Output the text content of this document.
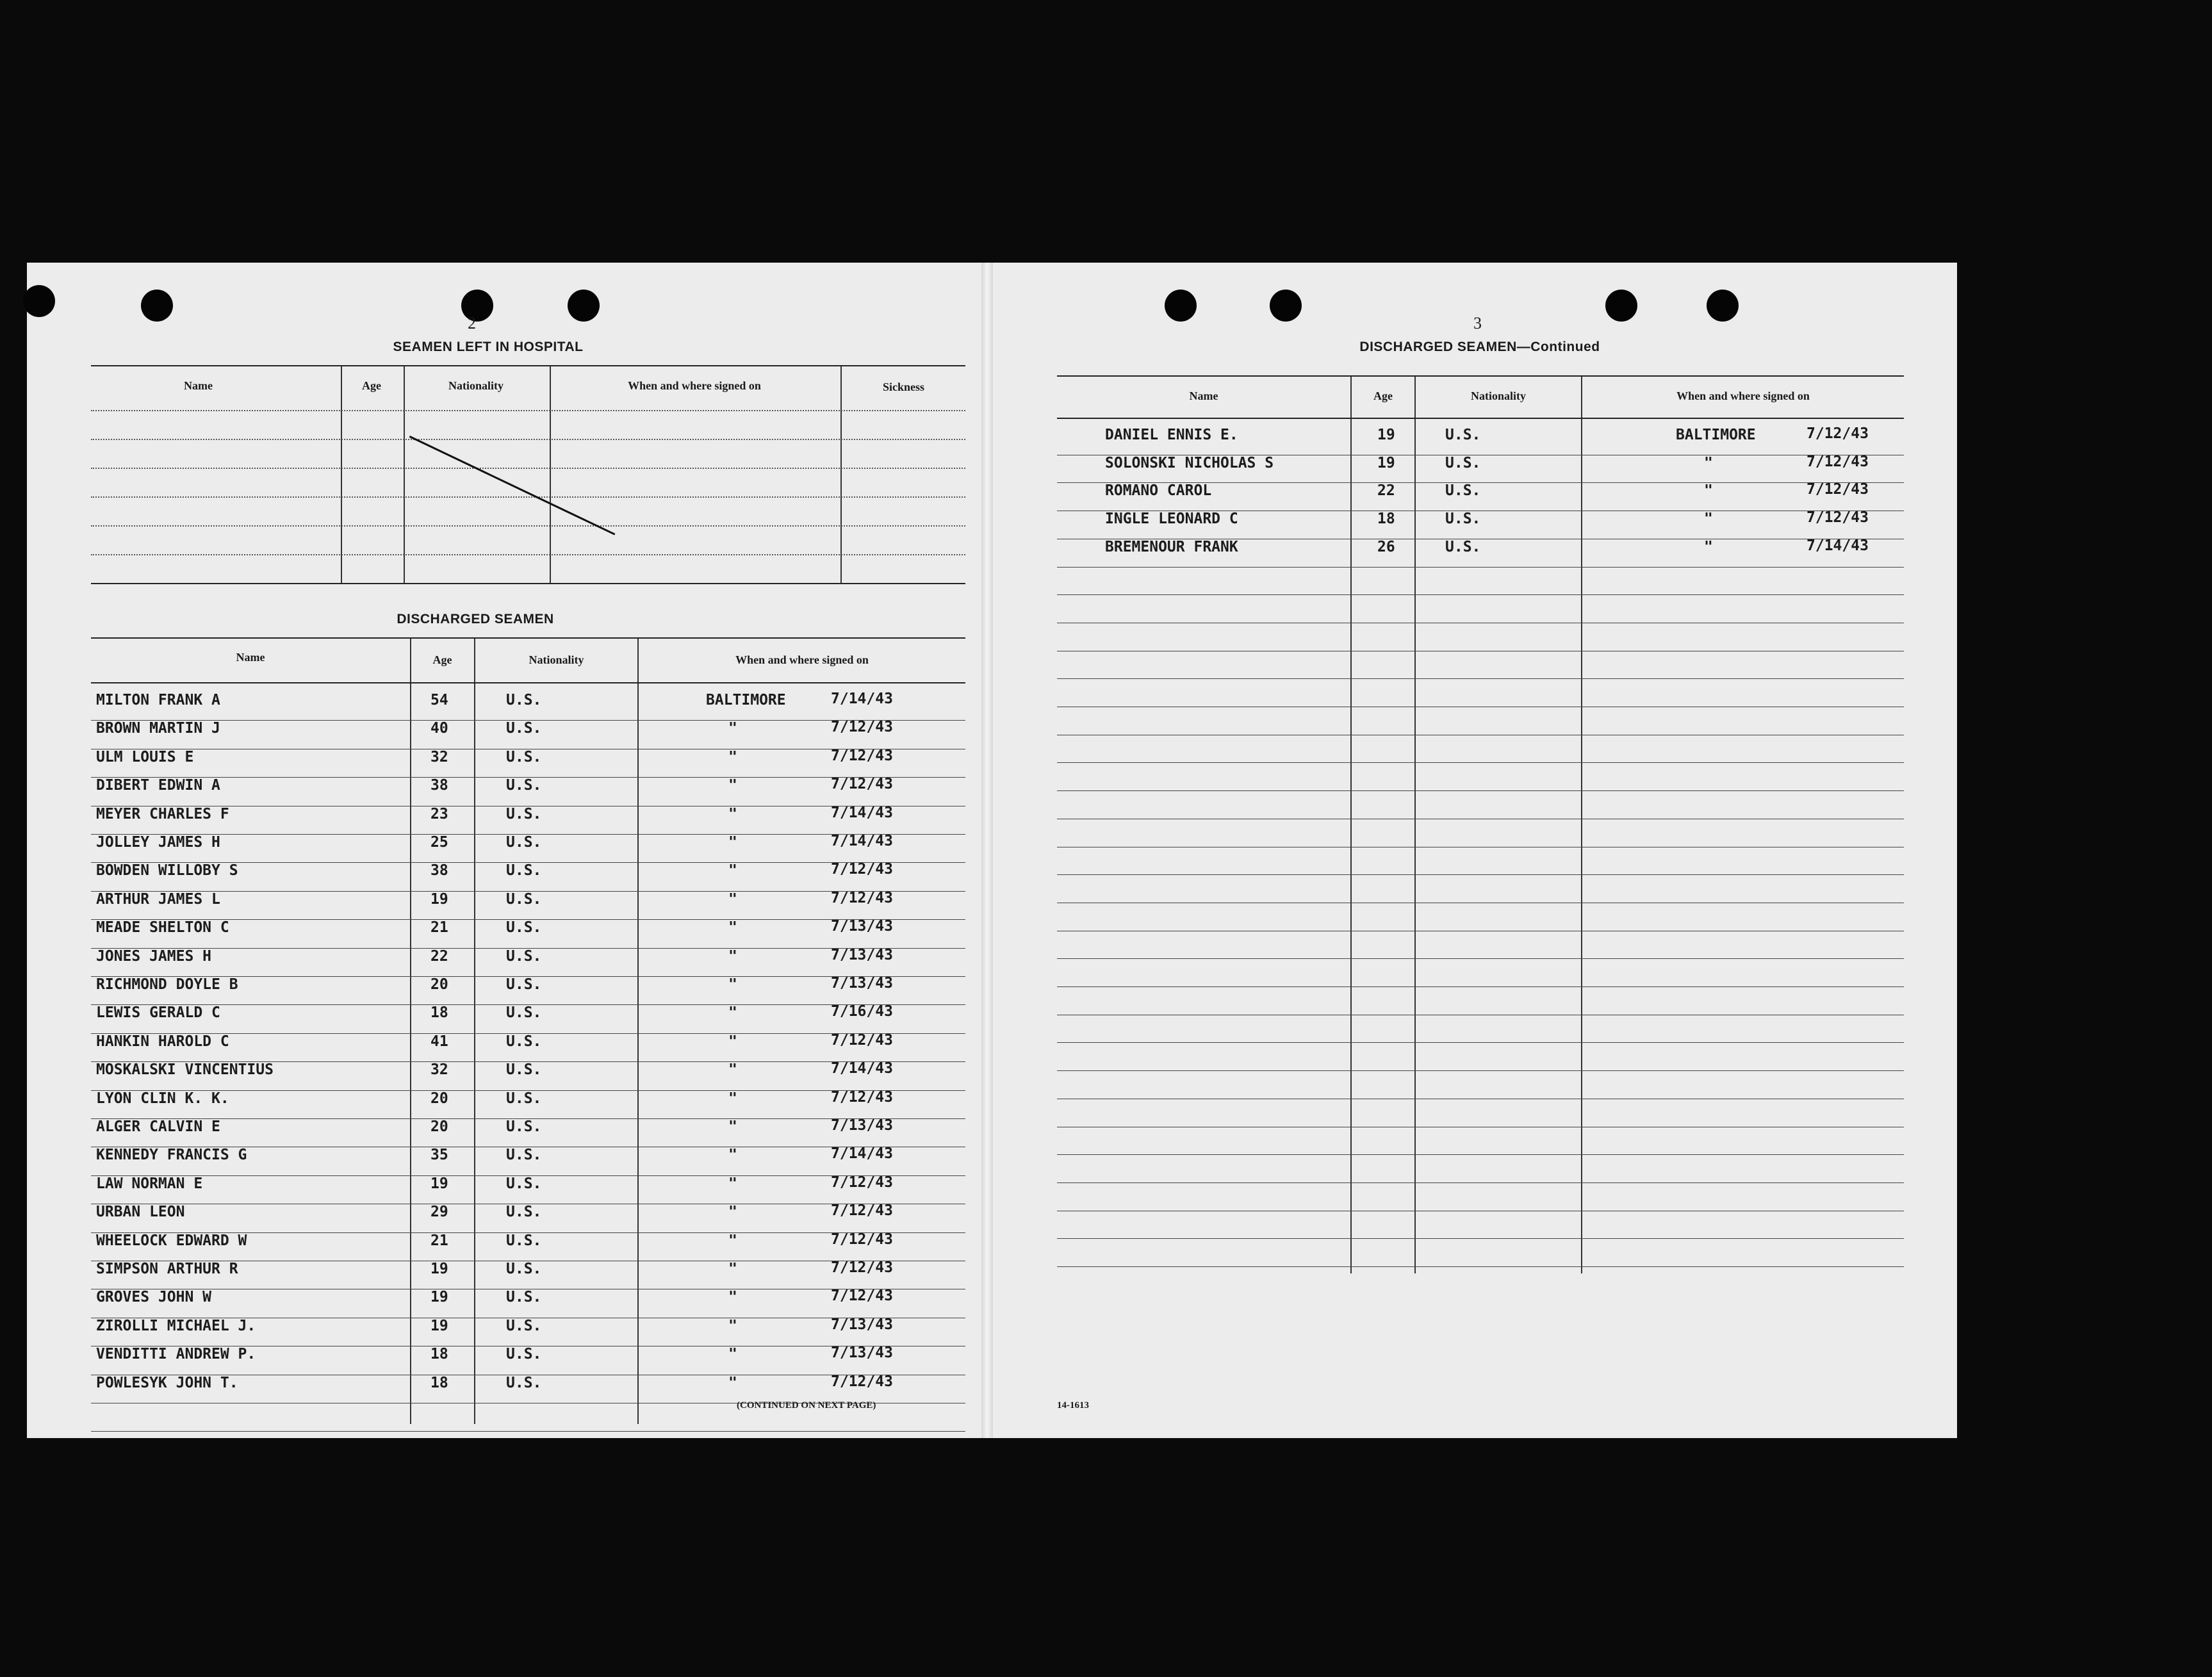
2
SEAMEN LEFT IN HOSPITAL
Name	Age	Nationality	When and where signed on	Sickness
DISCHARGED SEAMEN
Name	Age	Nationality	When and where signed on
MILTON FRANK A	54	U.S.	BALTIMORE	7/14/43
BROWN MARTIN J	40	U.S.	"	7/12/43
ULM LOUIS E	32	U.S.	"	7/12/43
DIBERT EDWIN A	38	U.S.	"	7/12/43
MEYER CHARLES F	23	U.S.	"	7/14/43
JOLLEY JAMES H	25	U.S.	"	7/14/43
BOWDEN WILLOBY S	38	U.S.	"	7/12/43
ARTHUR JAMES L	19	U.S.	"	7/12/43
MEADE SHELTON C	21	U.S.	"	7/13/43
JONES JAMES H	22	U.S.	"	7/13/43
RICHMOND DOYLE B	20	U.S.	"	7/13/43
LEWIS GERALD C	18	U.S.	"	7/16/43
HANKIN HAROLD C	41	U.S.	"	7/12/43
MOSKALSKI VINCENTIUS	32	U.S.	"	7/14/43
LYON CLIN K. K.	20	U.S.	"	7/12/43
ALGER CALVIN E	20	U.S.	"	7/13/43
KENNEDY FRANCIS G	35	U.S.	"	7/14/43
LAW NORMAN E	19	U.S.	"	7/12/43
URBAN LEON	29	U.S.	"	7/12/43
WHEELOCK EDWARD W	21	U.S.	"	7/12/43
SIMPSON ARTHUR R	19	U.S.	"	7/12/43
GROVES JOHN W	19	U.S.	"	7/12/43
ZIROLLI MICHAEL J.	19	U.S.	"	7/13/43
VENDITTI ANDREW P.	18	U.S.	"	7/13/43
POWLESYK JOHN T.	18	U.S.	"	7/12/43
(CONTINUED ON NEXT PAGE)
3
DISCHARGED SEAMEN—Continued
Name	Age	Nationality	When and where signed on
DANIEL ENNIS E.	19	U.S.	BALTIMORE	7/12/43
SOLONSKI NICHOLAS S	19	U.S.	"	7/12/43
ROMANO CAROL	22	U.S.	"	7/12/43
INGLE LEONARD C	18	U.S.	"	7/12/43
BREMENOUR FRANK	26	U.S.	"	7/14/43
14-1613
